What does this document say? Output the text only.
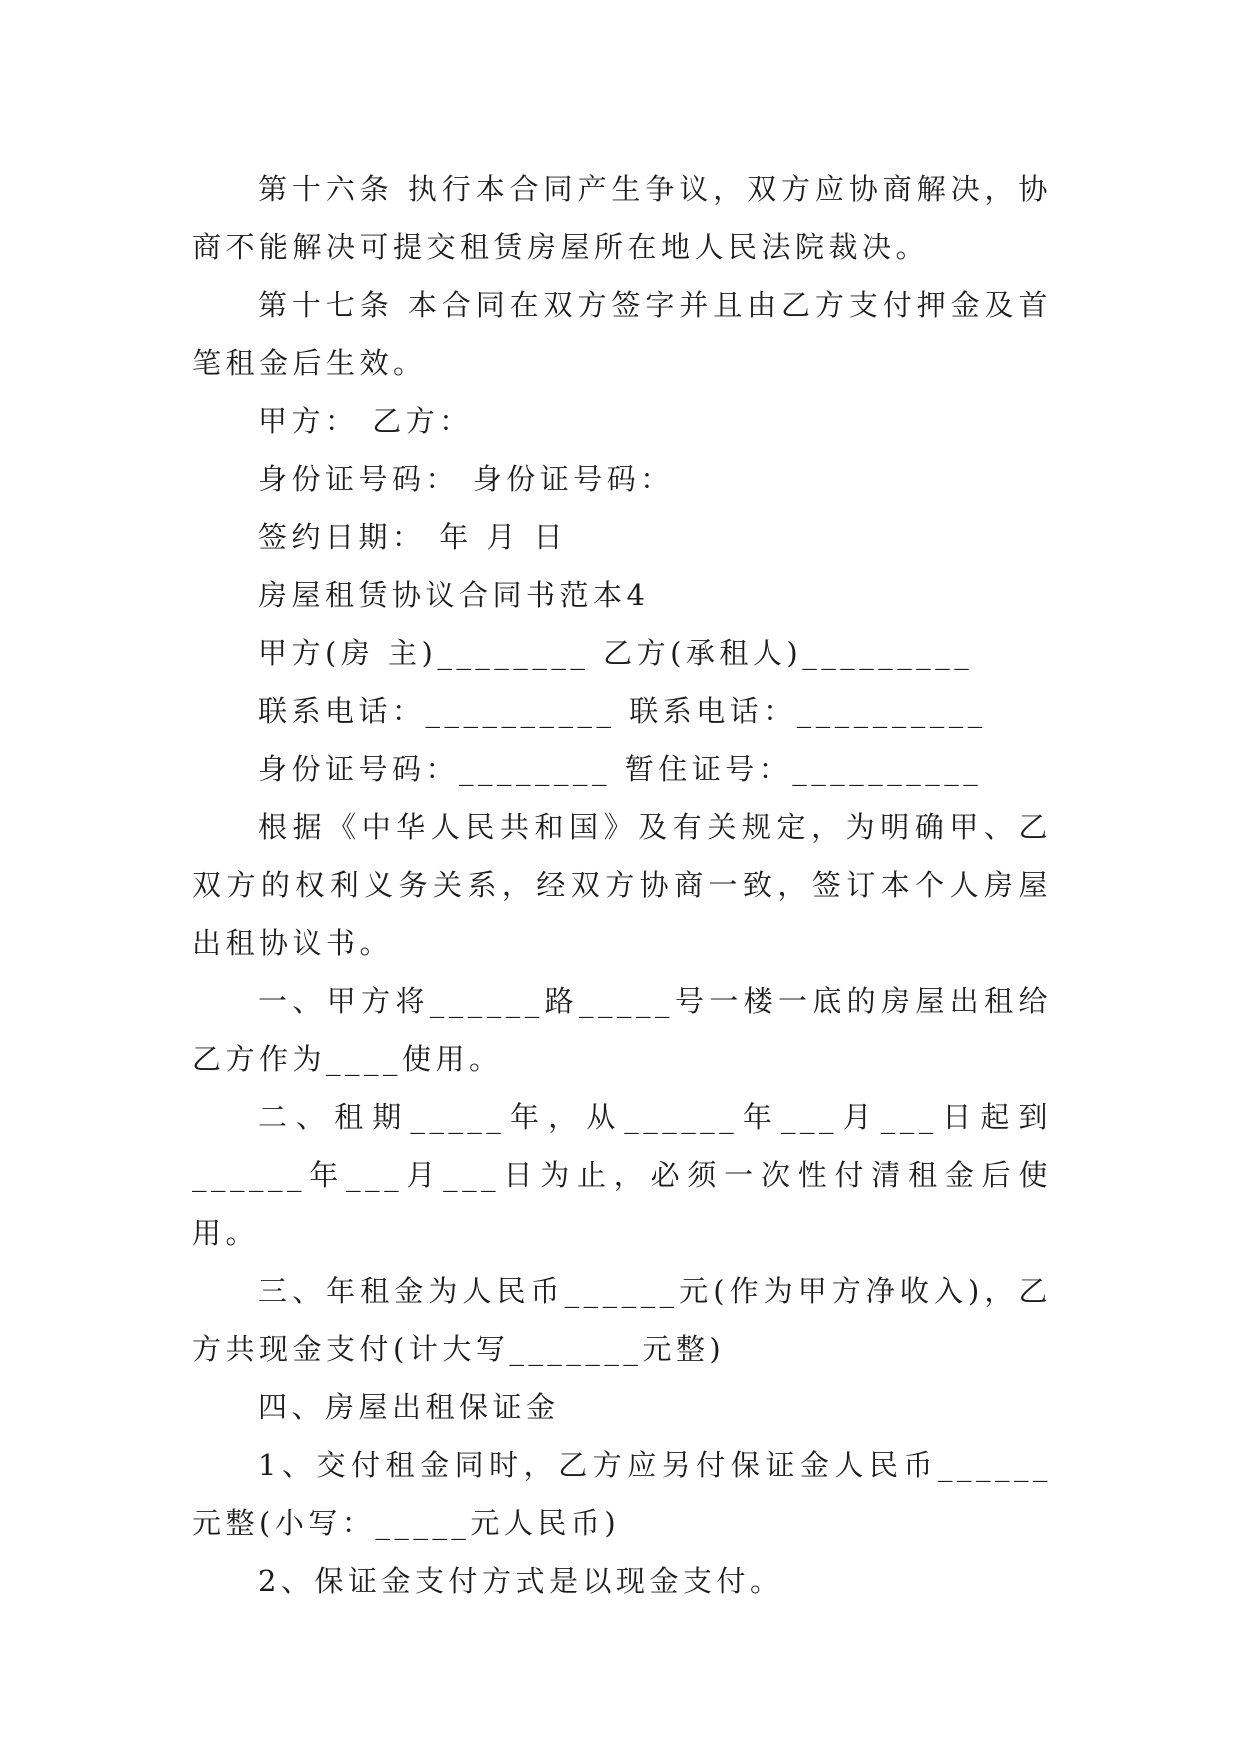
第十六条 执行本合同产生争议，双方应协商解决，协商不能解决可提交租赁房屋所在地人民法院裁决。

第十七条 本合同在双方签字并且由乙方支付押金及首笔租金后生效。

甲方： 乙方：

身份证号码： 身份证号码：

签约日期： 年 月 日

房屋租赁协议合同书范本4

甲方(房 主)________ 乙方(承租人)_________

联系电话：__________ 联系电话：__________

身份证号码：________ 暂住证号：__________

根据《中华人民共和国》及有关规定，为明确甲、乙双方的权利义务关系，经双方协商一致，签订本个人房屋出租协议书。

一、甲方将______路_____号一楼一底的房屋出租给乙方作为____使用。

二、租期_____年，从______年___月___日起到______年___月___日为止，必须一次性付清租金后使用。

三、年租金为人民币______元(作为甲方净收入)，乙方共现金支付(计大写_______元整)

四、房屋出租保证金

1、交付租金同时，乙方应另付保证金人民币______元整(小写：_____元人民币)

2、保证金支付方式是以现金支付。
